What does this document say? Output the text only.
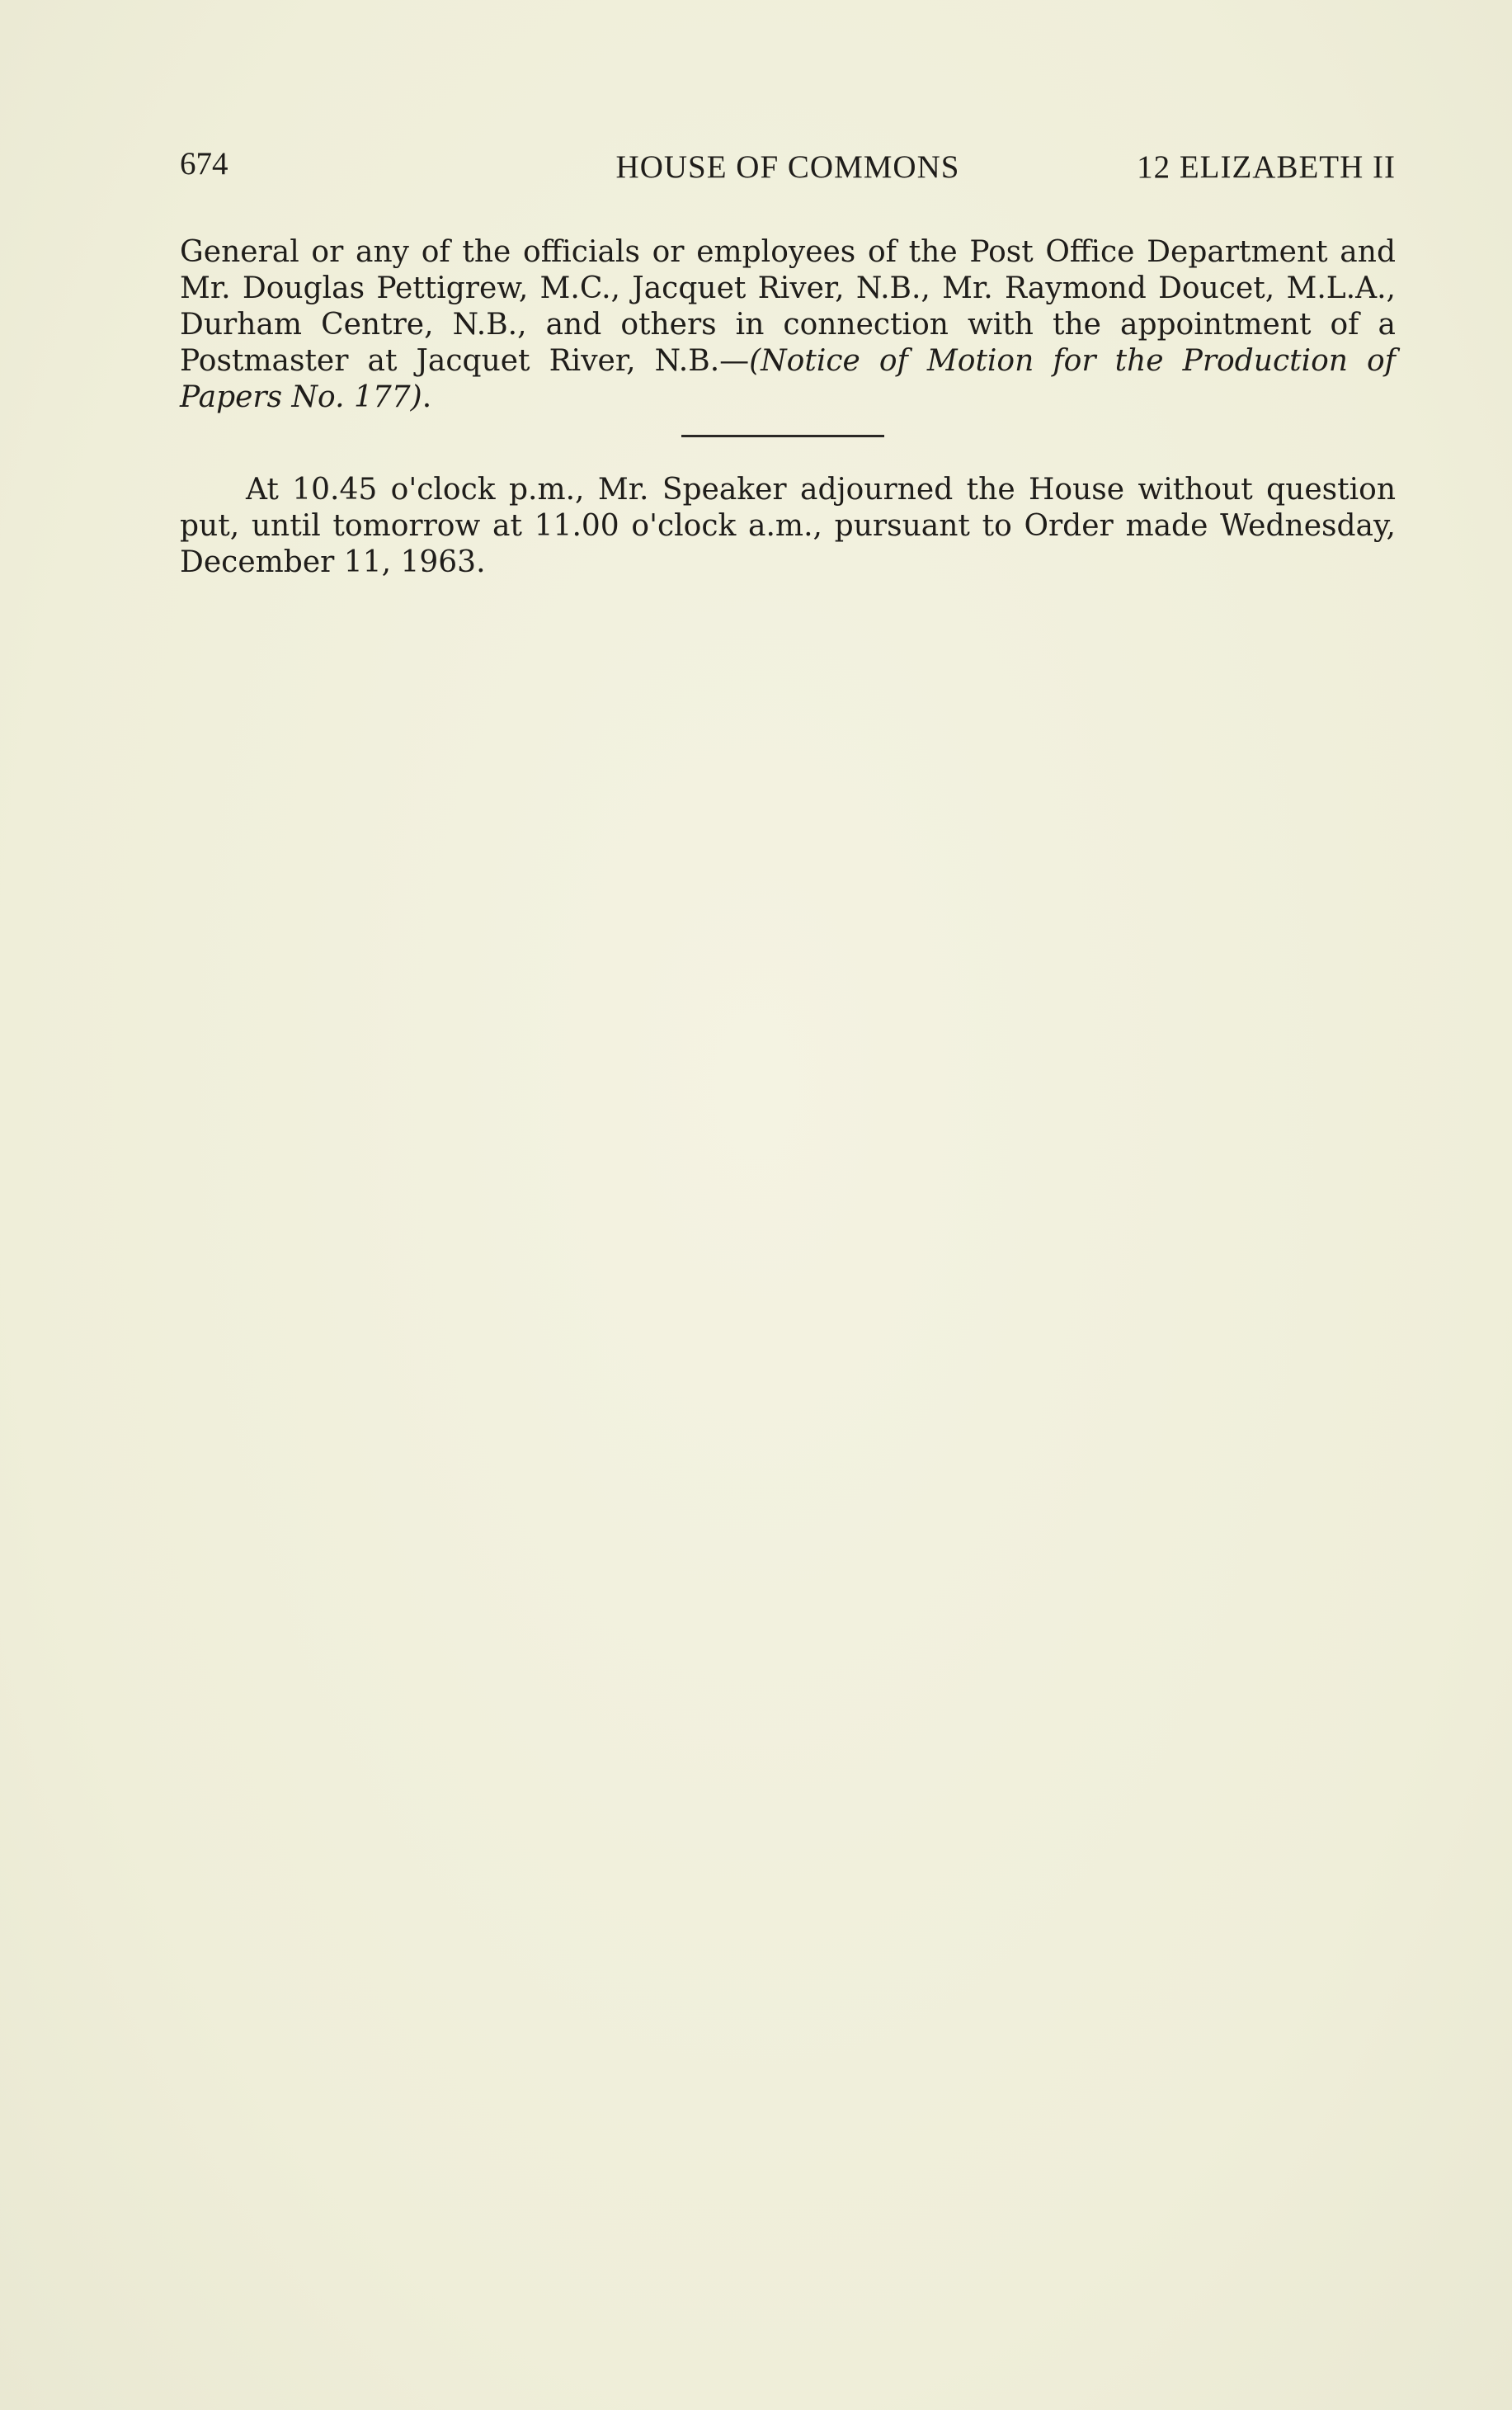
674	HOUSE OF COMMONS	12 ELIZABETH II

General or any of the officials or employees of the Post Office Department and Mr. Douglas Pettigrew, M.C., Jacquet River, N.B., Mr. Raymond Doucet, M.L.A., Durham Centre, N.B., and others in connection with the appointment of a Postmaster at Jacquet River, N.B.—(Notice of Motion for the Production of Papers No. 177).

At 10.45 o'clock p.m., Mr. Speaker adjourned the House without question put, until tomorrow at 11.00 o'clock a.m., pursuant to Order made Wednesday, December 11, 1963.
